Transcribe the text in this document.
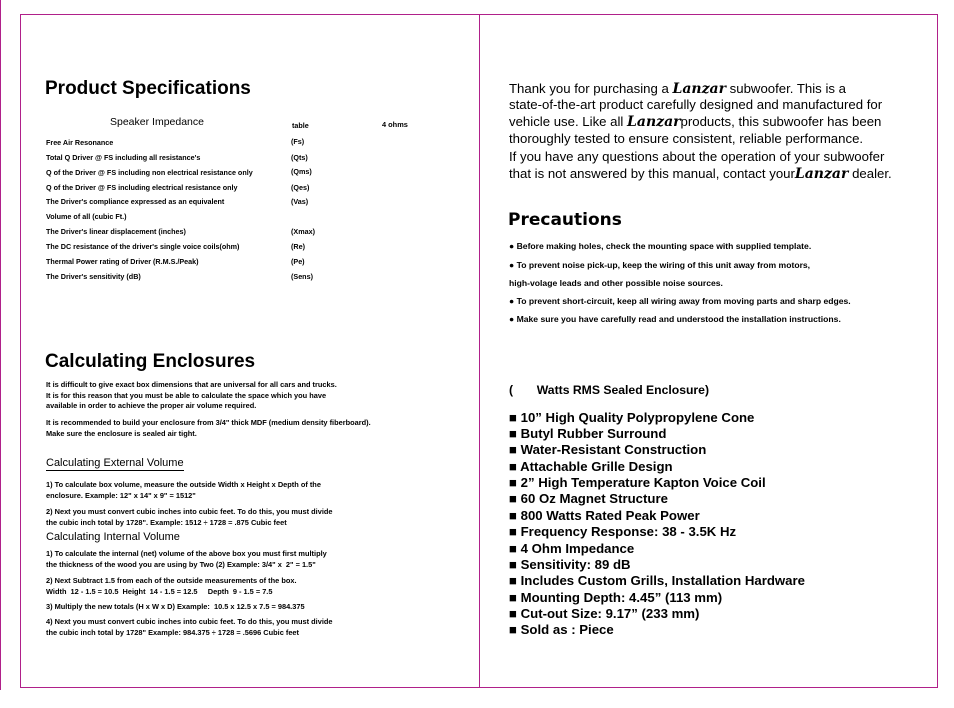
Product Specifications
Speaker Impedance	table	4 ohms
Free Air Resonance	(Fs)
Total Q Driver @ FS including all resistance's	(Qts)
Q of the Driver @ FS including non electrical resistance only	(Qms)
Q of the Driver @ FS including electrical resistance only	(Qes)
The Driver's compliance expressed as an equivalent	(Vas)
Volume of all (cubic Ft.)
The Driver's linear displacement (inches)	(Xmax)
The DC resistance of the driver's single voice coils(ohm)	(Re)
Thermal Power rating of Driver (R.M.S./Peak)	(Pe)
The Driver's sensitivity (dB)	(Sens)
Calculating Enclosures
It is difficult to give exact box dimensions that are universal for all cars and trucks.
It is for this reason that you must be able to calculate the space which you have
available in order to achieve the proper air volume required.
It is recommended to build your enclosure from 3/4" thick MDF (medium density fiberboard).
Make sure the enclosure is sealed air tight.
Calculating External Volume
1) To calculate box volume, measure the outside Width x Height x Depth of the
enclosure. Example: 12" x 14" x 9" = 1512"
2) Next you must convert cubic inches into cubic feet. To do this, you must divide
the cubic inch total by 1728". Example: 1512 ÷ 1728 = .875 Cubic feet
Calculating Internal Volume
1) To calculate the internal (net) volume of the above box you must first multiply
the thickness of the wood you are using by Two (2) Example: 3/4" x  2" = 1.5"
2) Next Subtract 1.5 from each of the outside measurements of the box.
Width  12 - 1.5 = 10.5  Height  14 - 1.5 = 12.5     Depth  9 - 1.5 = 7.5
3) Multiply the new totals (H x W x D) Example:  10.5 x 12.5 x 7.5 = 984.375
4) Next you must convert cubic inches into cubic feet. To do this, you must divide
the cubic inch total by 1728" Example: 984.375 ÷ 1728 = .5696 Cubic feet
Thank you for purchasing a Lanzar subwoofer. This is a
state-of-the-art product carefully designed and manufactured for
vehicle use. Like all Lanzarproducts, this subwoofer has been
thoroughly tested to ensure consistent, reliable performance.
If you have any questions about the operation of your subwoofer
that is not answered by this manual, contact yourLanzar dealer.
Precautions
● Before making holes, check the mounting space with supplied template.
● To prevent noise pick-up, keep the wiring of this unit away from motors,
high-volage leads and other possible noise sources.
● To prevent short-circuit, keep all wiring away from moving parts and sharp edges.
● Make sure you have carefully read and understood the installation instructions.
(       Watts RMS Sealed Enclosure)
■ 10” High Quality Polypropylene Cone
■ Butyl Rubber Surround
■ Water-Resistant Construction
■ Attachable Grille Design
■ 2” High Temperature Kapton Voice Coil
■ 60 Oz Magnet Structure
■ 800 Watts Rated Peak Power
■ Frequency Response: 38 - 3.5K Hz
■ 4 Ohm Impedance
■ Sensitivity: 89 dB
■ Includes Custom Grills, Installation Hardware
■ Mounting Depth: 4.45” (113 mm)
■ Cut-out Size: 9.17” (233 mm)
■ Sold as : Piece
